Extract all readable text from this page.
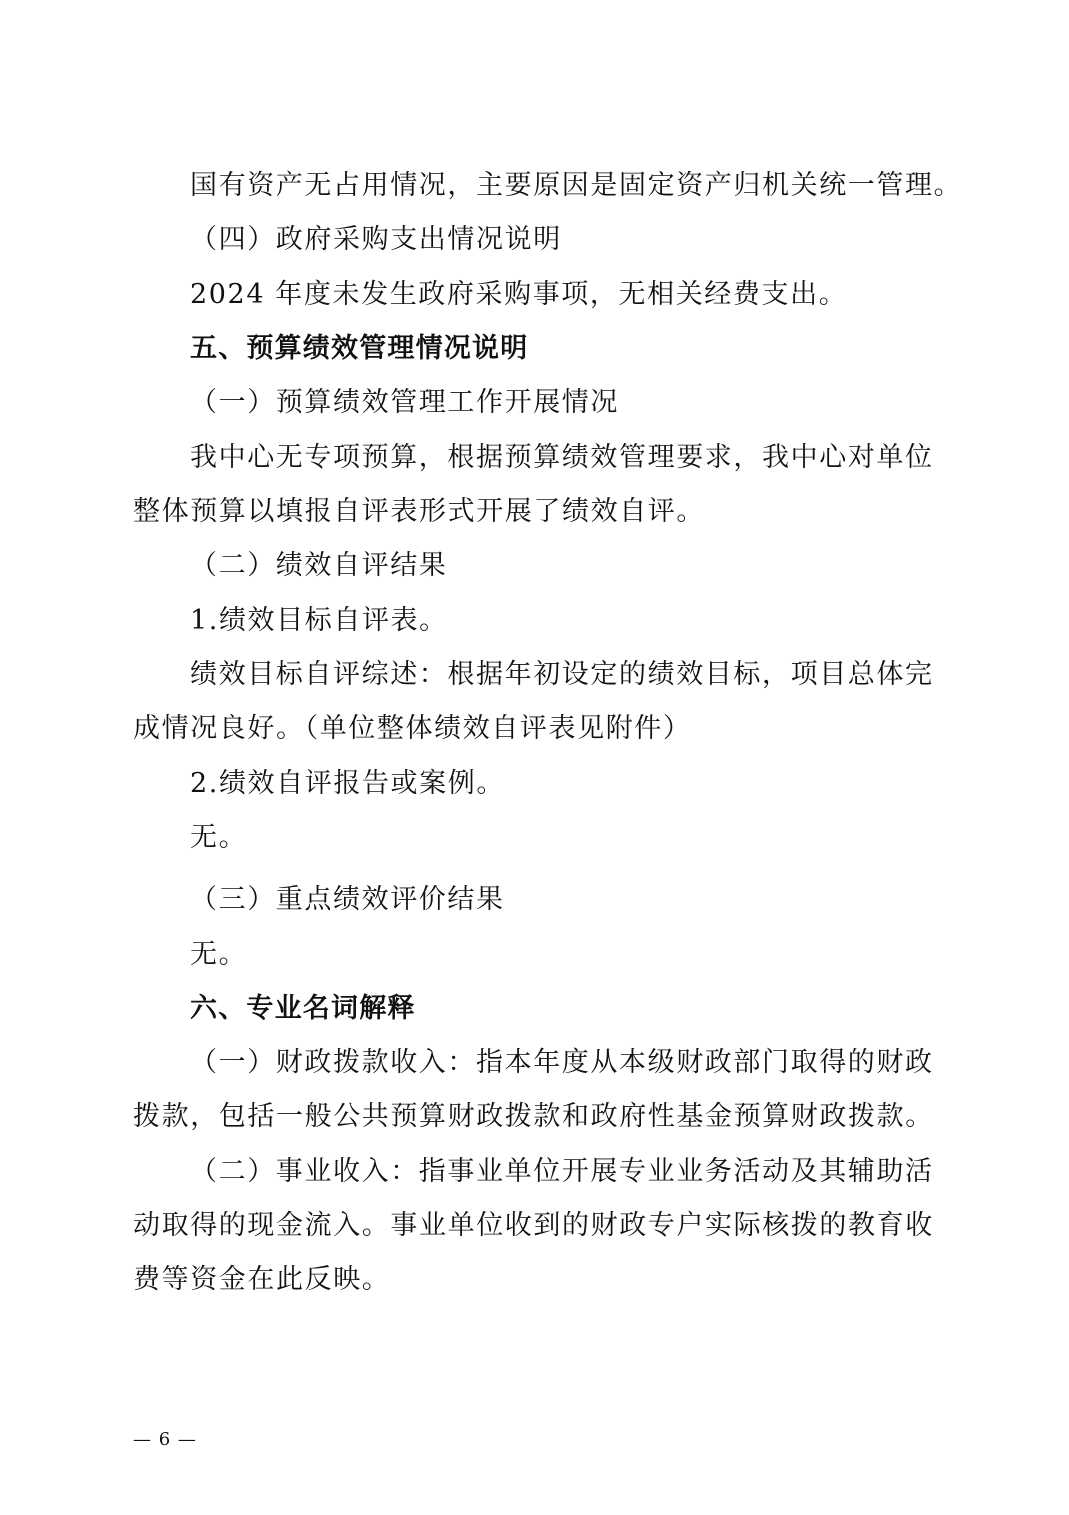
国有资产无占用情况，主要原因是固定资产归机关统一管理。
（四）政府采购支出情况说明
2024 年度未发生政府采购事项，无相关经费支出。
五、预算绩效管理情况说明
（一）预算绩效管理工作开展情况
我中心无专项预算，根据预算绩效管理要求，我中心对单位
整体预算以填报自评表形式开展了绩效自评。
（二）绩效自评结果
1.绩效目标自评表。
绩效目标自评综述：根据年初设定的绩效目标，项目总体完
成情况良好。（单位整体绩效自评表见附件）
2.绩效自评报告或案例。
无。
（三）重点绩效评价结果
无。
六、专业名词解释
（一）财政拨款收入：指本年度从本级财政部门取得的财政
拨款，包括一般公共预算财政拨款和政府性基金预算财政拨款。
（二）事业收入：指事业单位开展专业业务活动及其辅助活
动取得的现金流入。事业单位收到的财政专户实际核拨的教育收
费等资金在此反映。
— 6 —
